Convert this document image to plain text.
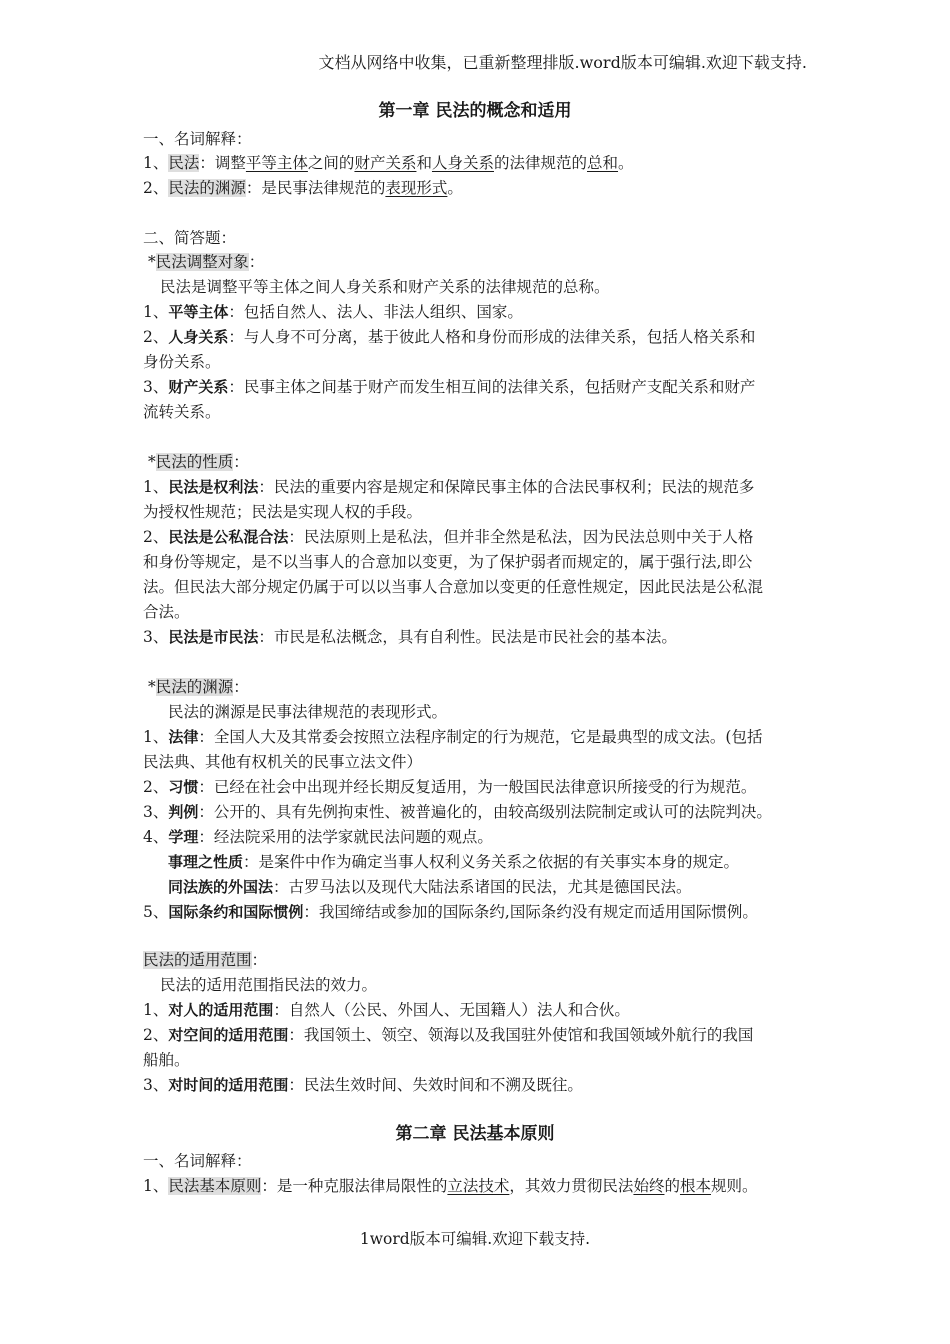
文档从网络中收集，已重新整理排版.word版本可编辑.欢迎下载支持.
第一章 民法的概念和适用
一、名词解释：
1、民法：调整平等主体之间的财产关系和人身关系的法律规范的总和。
2、民法的渊源：是民事法律规范的表现形式。
二、简答题：
*民法调整对象：
民法是调整平等主体之间人身关系和财产关系的法律规范的总称。
1、平等主体：包括自然人、法人、非法人组织、国家。
2、人身关系：与人身不可分离，基于彼此人格和身份而形成的法律关系，包括人格关系和
身份关系。
3、财产关系：民事主体之间基于财产而发生相互间的法律关系，包括财产支配关系和财产
流转关系。
*民法的性质：
1、民法是权利法：民法的重要内容是规定和保障民事主体的合法民事权利；民法的规范多
为授权性规范；民法是实现人权的手段。
2、民法是公私混合法：民法原则上是私法，但并非全然是私法，因为民法总则中关于人格
和身份等规定，是不以当事人的合意加以变更，为了保护弱者而规定的，属于强行法,即公
法。但民法大部分规定仍属于可以以当事人合意加以变更的任意性规定，因此民法是公私混
合法。
3、民法是市民法：市民是私法概念，具有自利性。民法是市民社会的基本法。
*民法的渊源：
民法的渊源是民事法律规范的表现形式。
1、法律：全国人大及其常委会按照立法程序制定的行为规范，它是最典型的成文法。(包括
民法典、其他有权机关的民事立法文件）
2、习惯：已经在社会中出现并经长期反复适用，为一般国民法律意识所接受的行为规范。
3、判例：公开的、具有先例拘束性、被普遍化的，由较高级别法院制定或认可的法院判决。
4、学理：经法院采用的法学家就民法问题的观点。
事理之性质：是案件中作为确定当事人权利义务关系之依据的有关事实本身的规定。
同法族的外国法：古罗马法以及现代大陆法系诸国的民法，尤其是德国民法。
5、国际条约和国际惯例：我国缔结或参加的国际条约,国际条约没有规定而适用国际惯例。
民法的适用范围：
民法的适用范围指民法的效力。
1、对人的适用范围：自然人（公民、外国人、无国籍人）法人和合伙。
2、对空间的适用范围：我国领土、领空、领海以及我国驻外使馆和我国领域外航行的我国
船舶。
3、对时间的适用范围：民法生效时间、失效时间和不溯及既往。
第二章 民法基本原则
一、名词解释：
1、民法基本原则：是一种克服法律局限性的立法技术，其效力贯彻民法始终的根本规则。
1word版本可编辑.欢迎下载支持.
